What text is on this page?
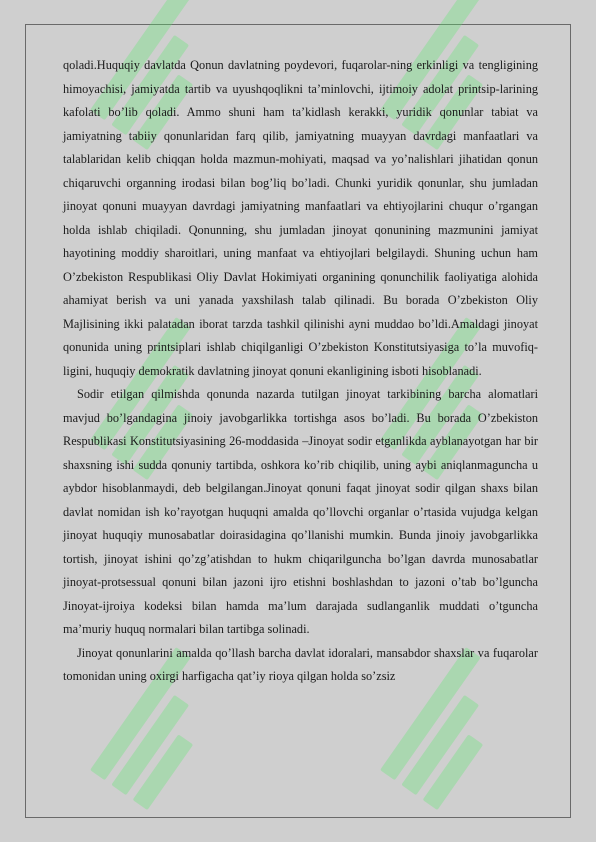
qoladi.Huquqiy davlatda Qonun davlatning poydevori, fuqarolar-ning erkinligi va tengligining himoyachisi, jamiyatda tartib va uyushqoqlikni ta’minlovchi, ijtimoiy adolat printsip-larining kafolati bo’lib qoladi. Ammo shuni ham ta’kidlash kerakki, yuridik qonunlar tabiat va jamiyatning tabiiy qonunlaridan farq qilib, jamiyatning muayyan davrdagi manfaatlari va talablaridan kelib chiqqan holda mazmun-mohiyati, maqsad va yo’nalishlari jihatidan qonun chiqaruvchi organning irodasi bilan bog’liq bo’ladi. Chunki yuridik qonunlar, shu jumladan jinoyat qonuni muayyan davrdagi jamiyatning manfaatlari va ehtiyojlarini chuqur o’rgangan holda ishlab chiqiladi. Qonunning, shu jumladan jinoyat qonunining mazmunini jamiyat hayotining moddiy sharoitlari, uning manfaat va ehtiyojlari belgilaydi. Shuning uchun ham O’zbekiston Respublikasi Oliy Davlat Hokimiyati organining qonunchilik faoliyatiga alohida ahamiyat berish va uni yanada yaxshilash talab qilinadi. Bu borada O’zbekiston Oliy Majlisining ikki palatadan iborat tarzda tashkil qilinishi ayni muddao bo’ldi.Amaldagi jinoyat qonunida uning printsiplari ishlab chiqilganligi O’zbekiston Konstitutsiyasiga to’la muvofiq-ligini, huquqiy demokratik davlatning jinoyat qonuni ekanligining isboti hisoblanadi.

Sodir etilgan qilmishda qonunda nazarda tutilgan jinoyat tarkibining barcha alomatlari mavjud bo’lgandagina jinoiy javobgarlikka tortishga asos bo’ladi. Bu borada O’zbekiston Respublikasi Konstitutsiyasining 26-moddasida –Jinoyat sodir etganlikda ayblanayotgan har bir shaxsning ishi sudda qonuniy tartibda, oshkora ko’rib chiqilib, uning aybi aniqlanmaguncha u aybdor hisoblanmaydi, deb belgilangan.Jinoyat qonuni faqat jinoyat sodir qilgan shaxs bilan davlat nomidan ish ko’rayotgan huquqni amalda qo’llovchi organlar o’rtasida vujudga kelgan jinoyat huquqiy munosabatlar doirasidagina qo’llanishi mumkin. Bunda jinoiy javobgarlikka tortish, jinoyat ishini qo’zg’atishdan to hukm chiqarilguncha bo’lgan davrda munosabatlar jinoyat-protsessual qonuni bilan jazoni ijro etishni boshlashdan to jazoni o’tab bo’lguncha Jinoyat-ijroiya kodeksi bilan hamda ma’lum darajada sudlanganlik muddati o’tguncha ma’muriy huquq normalari bilan tartibga solinadi.

Jinoyat qonunlarini amalda qo’llash barcha davlat idoralari, mansabdor shaxslar va fuqarolar tomonidan uning oxirgi harfigacha qat’iy rioya qilgan holda so’zsiz
